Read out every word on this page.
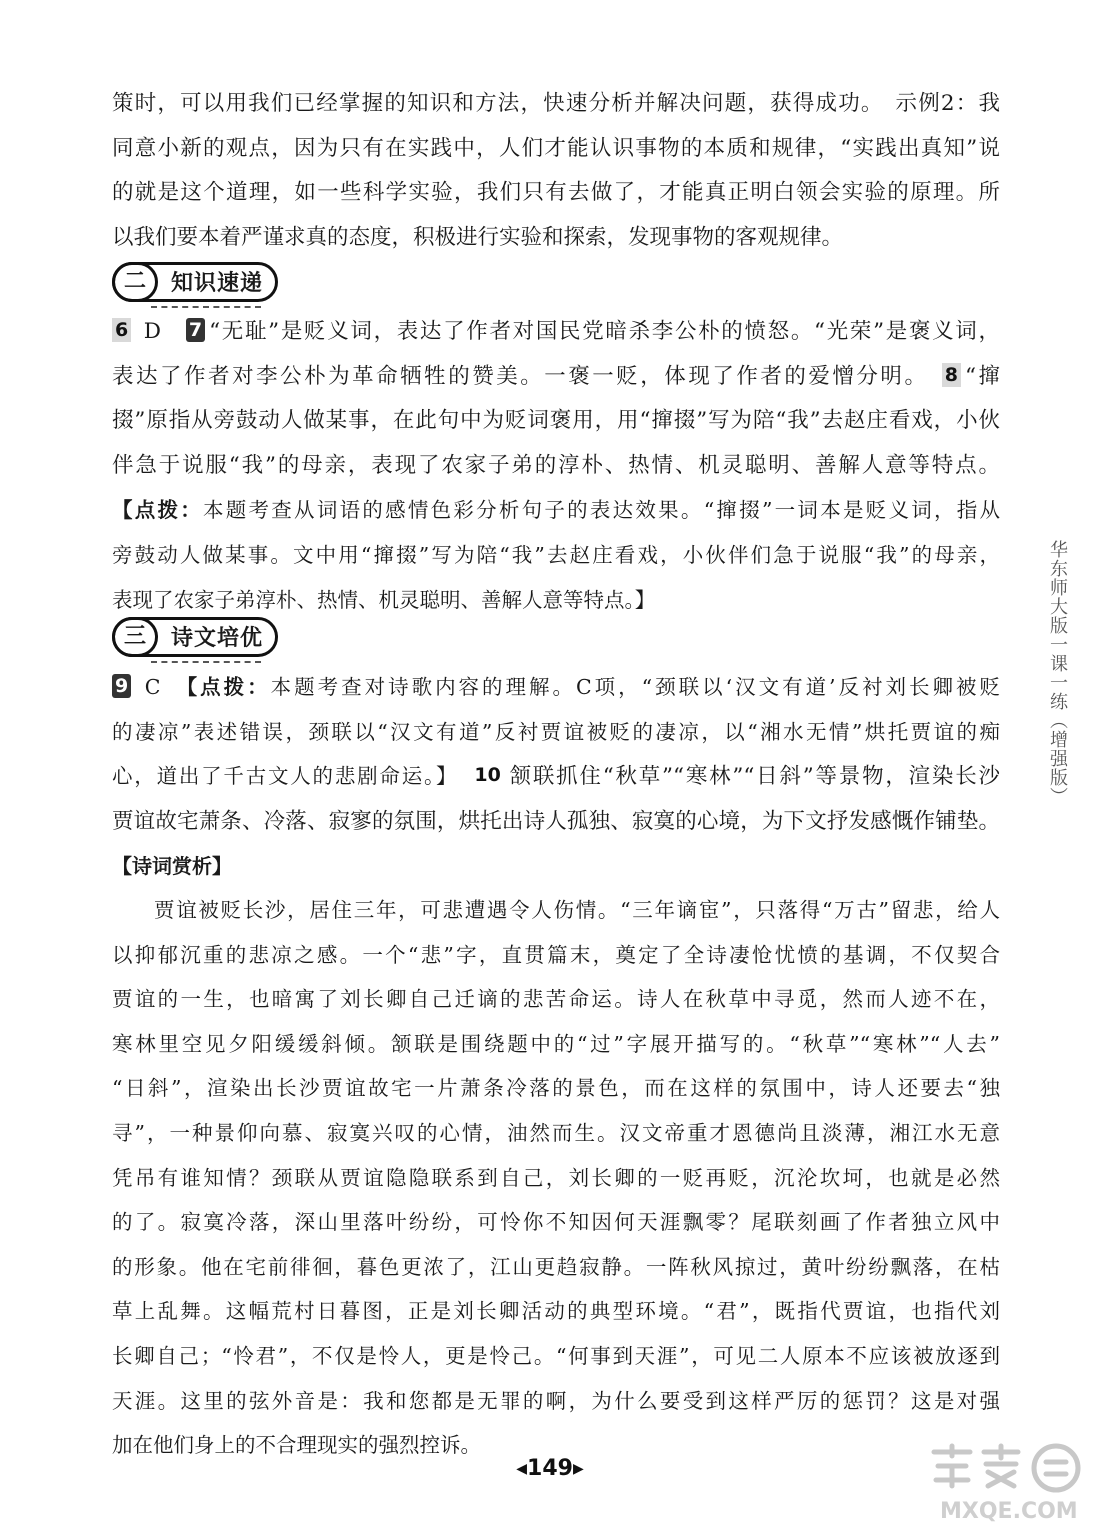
策时，可以用我们已经掌握的知识和方法，快速分析并解决问题，获得成功。　示例2：我
同意小新的观点，因为只有在实践中，人们才能认识事物的本质和规律，“实践出真知”说
的就是这个道理，如一些科学实验，我们只有去做了，才能真正明白领会实验的原理。所
以我们要本着严谨求真的态度，积极进行实验和探索，发现事物的客观规律。
二	知识速递
6 D　 7 “无耻”是贬义词，表达了作者对国民党暗杀李公朴的愤怒。“光荣”是褒义词，
表达了作者对李公朴为革命牺牲的赞美。一褒一贬，体现了作者的爱憎分明。　 8 “撺
掇”原指从旁鼓动人做某事，在此句中为贬词褒用，用“撺掇”写为陪“我”去赵庄看戏，小伙
伴急于说服“我”的母亲，表现了农家子弟的淳朴、热情、机灵聪明、善解人意等特点。
【点拨：本题考查从词语的感情色彩分析句子的表达效果。“撺掇”一词本是贬义词，指从
旁鼓动人做某事。文中用“撺掇”写为陪“我”去赵庄看戏，小伙伴们急于说服“我”的母亲，
表现了农家子弟淳朴、热情、机灵聪明、善解人意等特点。】
三	诗文培优
9 C　 【点拨：本题考查对诗歌内容的理解。C项，“颈联以‘汉文有道’反衬刘长卿被贬
的凄凉”表述错误，颈联以“汉文有道”反衬贾谊被贬的凄凉，以“湘水无情”烘托贾谊的痴
心，道出了千古文人的悲剧命运。】　 10 颔联抓住“秋草”“寒林”“日斜”等景物，渲染长沙
贾谊故宅萧条、冷落、寂寥的氛围，烘托出诗人孤独、寂寞的心境，为下文抒发感慨作铺垫。
【诗词赏析】
贾谊被贬长沙，居住三年，可悲遭遇令人伤情。“三年谪宦”，只落得“万古”留悲，给人
以抑郁沉重的悲凉之感。一个“悲”字，直贯篇末，奠定了全诗凄怆忧愤的基调，不仅契合
贾谊的一生，也暗寓了刘长卿自己迁谪的悲苦命运。诗人在秋草中寻觅，然而人迹不在，
寒林里空见夕阳缓缓斜倾。颔联是围绕题中的“过”字展开描写的。“秋草”“寒林”“人去”
“日斜”，渲染出长沙贾谊故宅一片萧条冷落的景色，而在这样的氛围中，诗人还要去“独
寻”，一种景仰向慕、寂寞兴叹的心情，油然而生。汉文帝重才恩德尚且淡薄，湘江水无意
凭吊有谁知情？颈联从贾谊隐隐联系到自己，刘长卿的一贬再贬，沉沦坎坷，也就是必然
的了。寂寞冷落，深山里落叶纷纷，可怜你不知因何天涯飘零？尾联刻画了作者独立风中
的形象。他在宅前徘徊，暮色更浓了，江山更趋寂静。一阵秋风掠过，黄叶纷纷飘落，在枯
草上乱舞。这幅荒村日暮图，正是刘长卿活动的典型环境。“君”，既指代贾谊，也指代刘
长卿自己；“怜君”，不仅是怜人，更是怜己。“何事到天涯”，可见二人原本不应该被放逐到
天涯。这里的弦外音是：我和您都是无罪的啊，为什么要受到这样严厉的惩罚？这是对强
加在他们身上的不合理现实的强烈控诉。
华东师大版一课一练（增强版）
◀149▶
MXQE.COM
